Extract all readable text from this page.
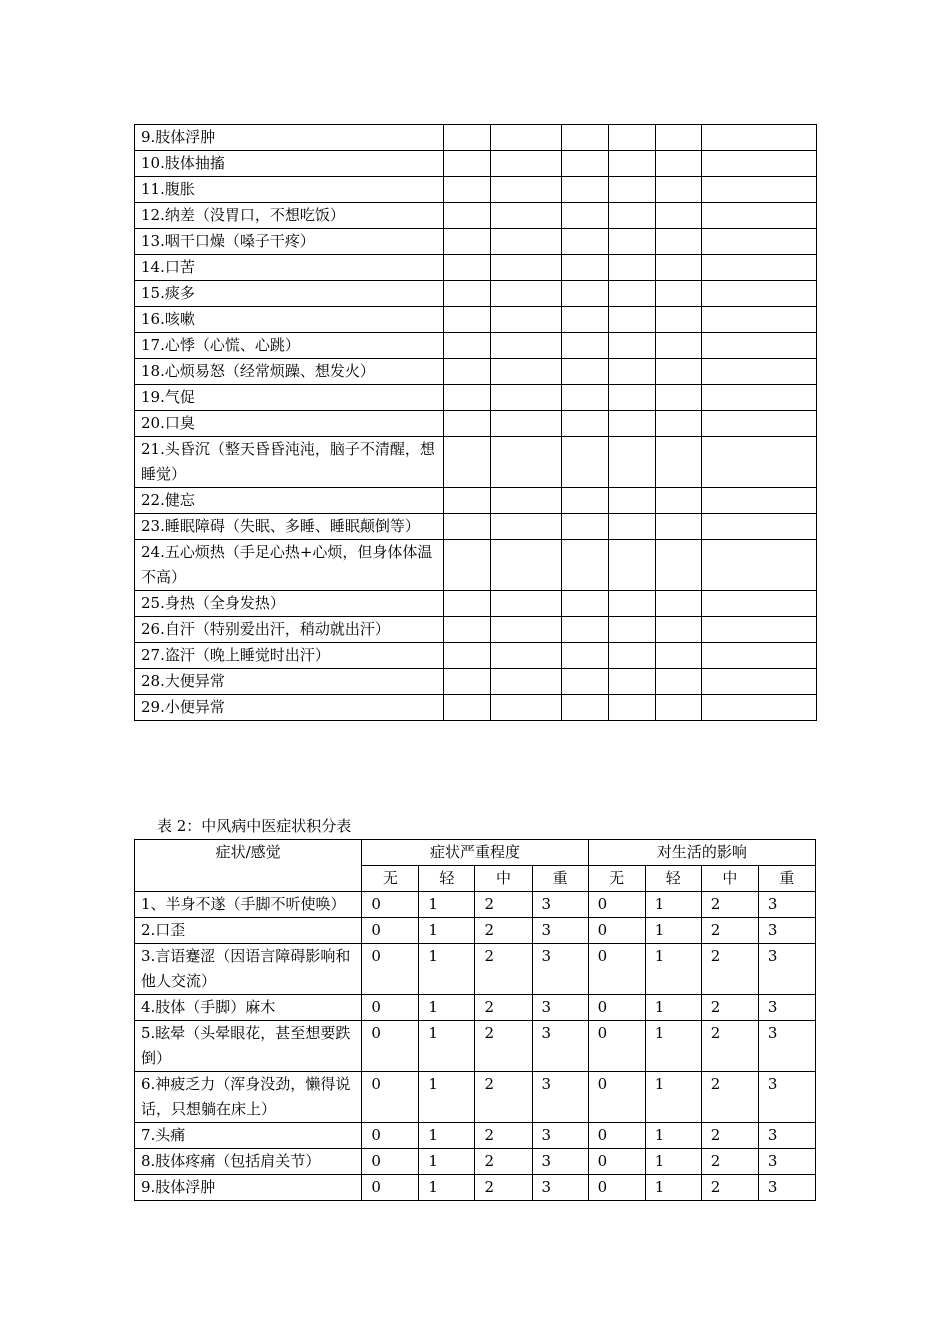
9.肢体浮肿						
10.肢体抽搐						
11.腹胀						
12.纳差（没胃口，不想吃饭）						
13.咽干口燥（嗓子干疼）						
14.口苦						
15.痰多						
16.咳嗽						
17.心悸（心慌、心跳）						
18.心烦易怒（经常烦躁、想发火）						
19.气促						
20.口臭						
21.头昏沉（整天昏昏沌沌，脑子不清醒，想睡觉）						
22.健忘						
23.睡眠障碍（失眠、多睡、睡眠颠倒等）						
24.五心烦热（手足心热+心烦，但身体体温不高）						
25.身热（全身发热）						
26.自汗（特别爱出汗，稍动就出汗）						
27.盗汗（晚上睡觉时出汗）						
28.大便异常						
29.小便异常						
表 2：中风病中医症状积分表
症状/感觉	症状严重程度				对生活的影响			
	无	轻	中	重	无	轻	中	重
1、半身不遂（手脚不听使唤）	0	1	2	3	0	1	2	3
2.口歪	0	1	2	3	0	1	2	3
3.言语蹇涩（因语言障碍影响和他人交流）	0	1	2	3	0	1	2	3
4.肢体（手脚）麻木	0	1	2	3	0	1	2	3
5.眩晕（头晕眼花，甚至想要跌倒）	0	1	2	3	0	1	2	3
6.神疲乏力（浑身没劲，懒得说话，只想躺在床上）	0	1	2	3	0	1	2	3
7.头痛	0	1	2	3	0	1	2	3
8.肢体疼痛（包括肩关节）	0	1	2	3	0	1	2	3
9.肢体浮肿	0	1	2	3	0	1	2	3
